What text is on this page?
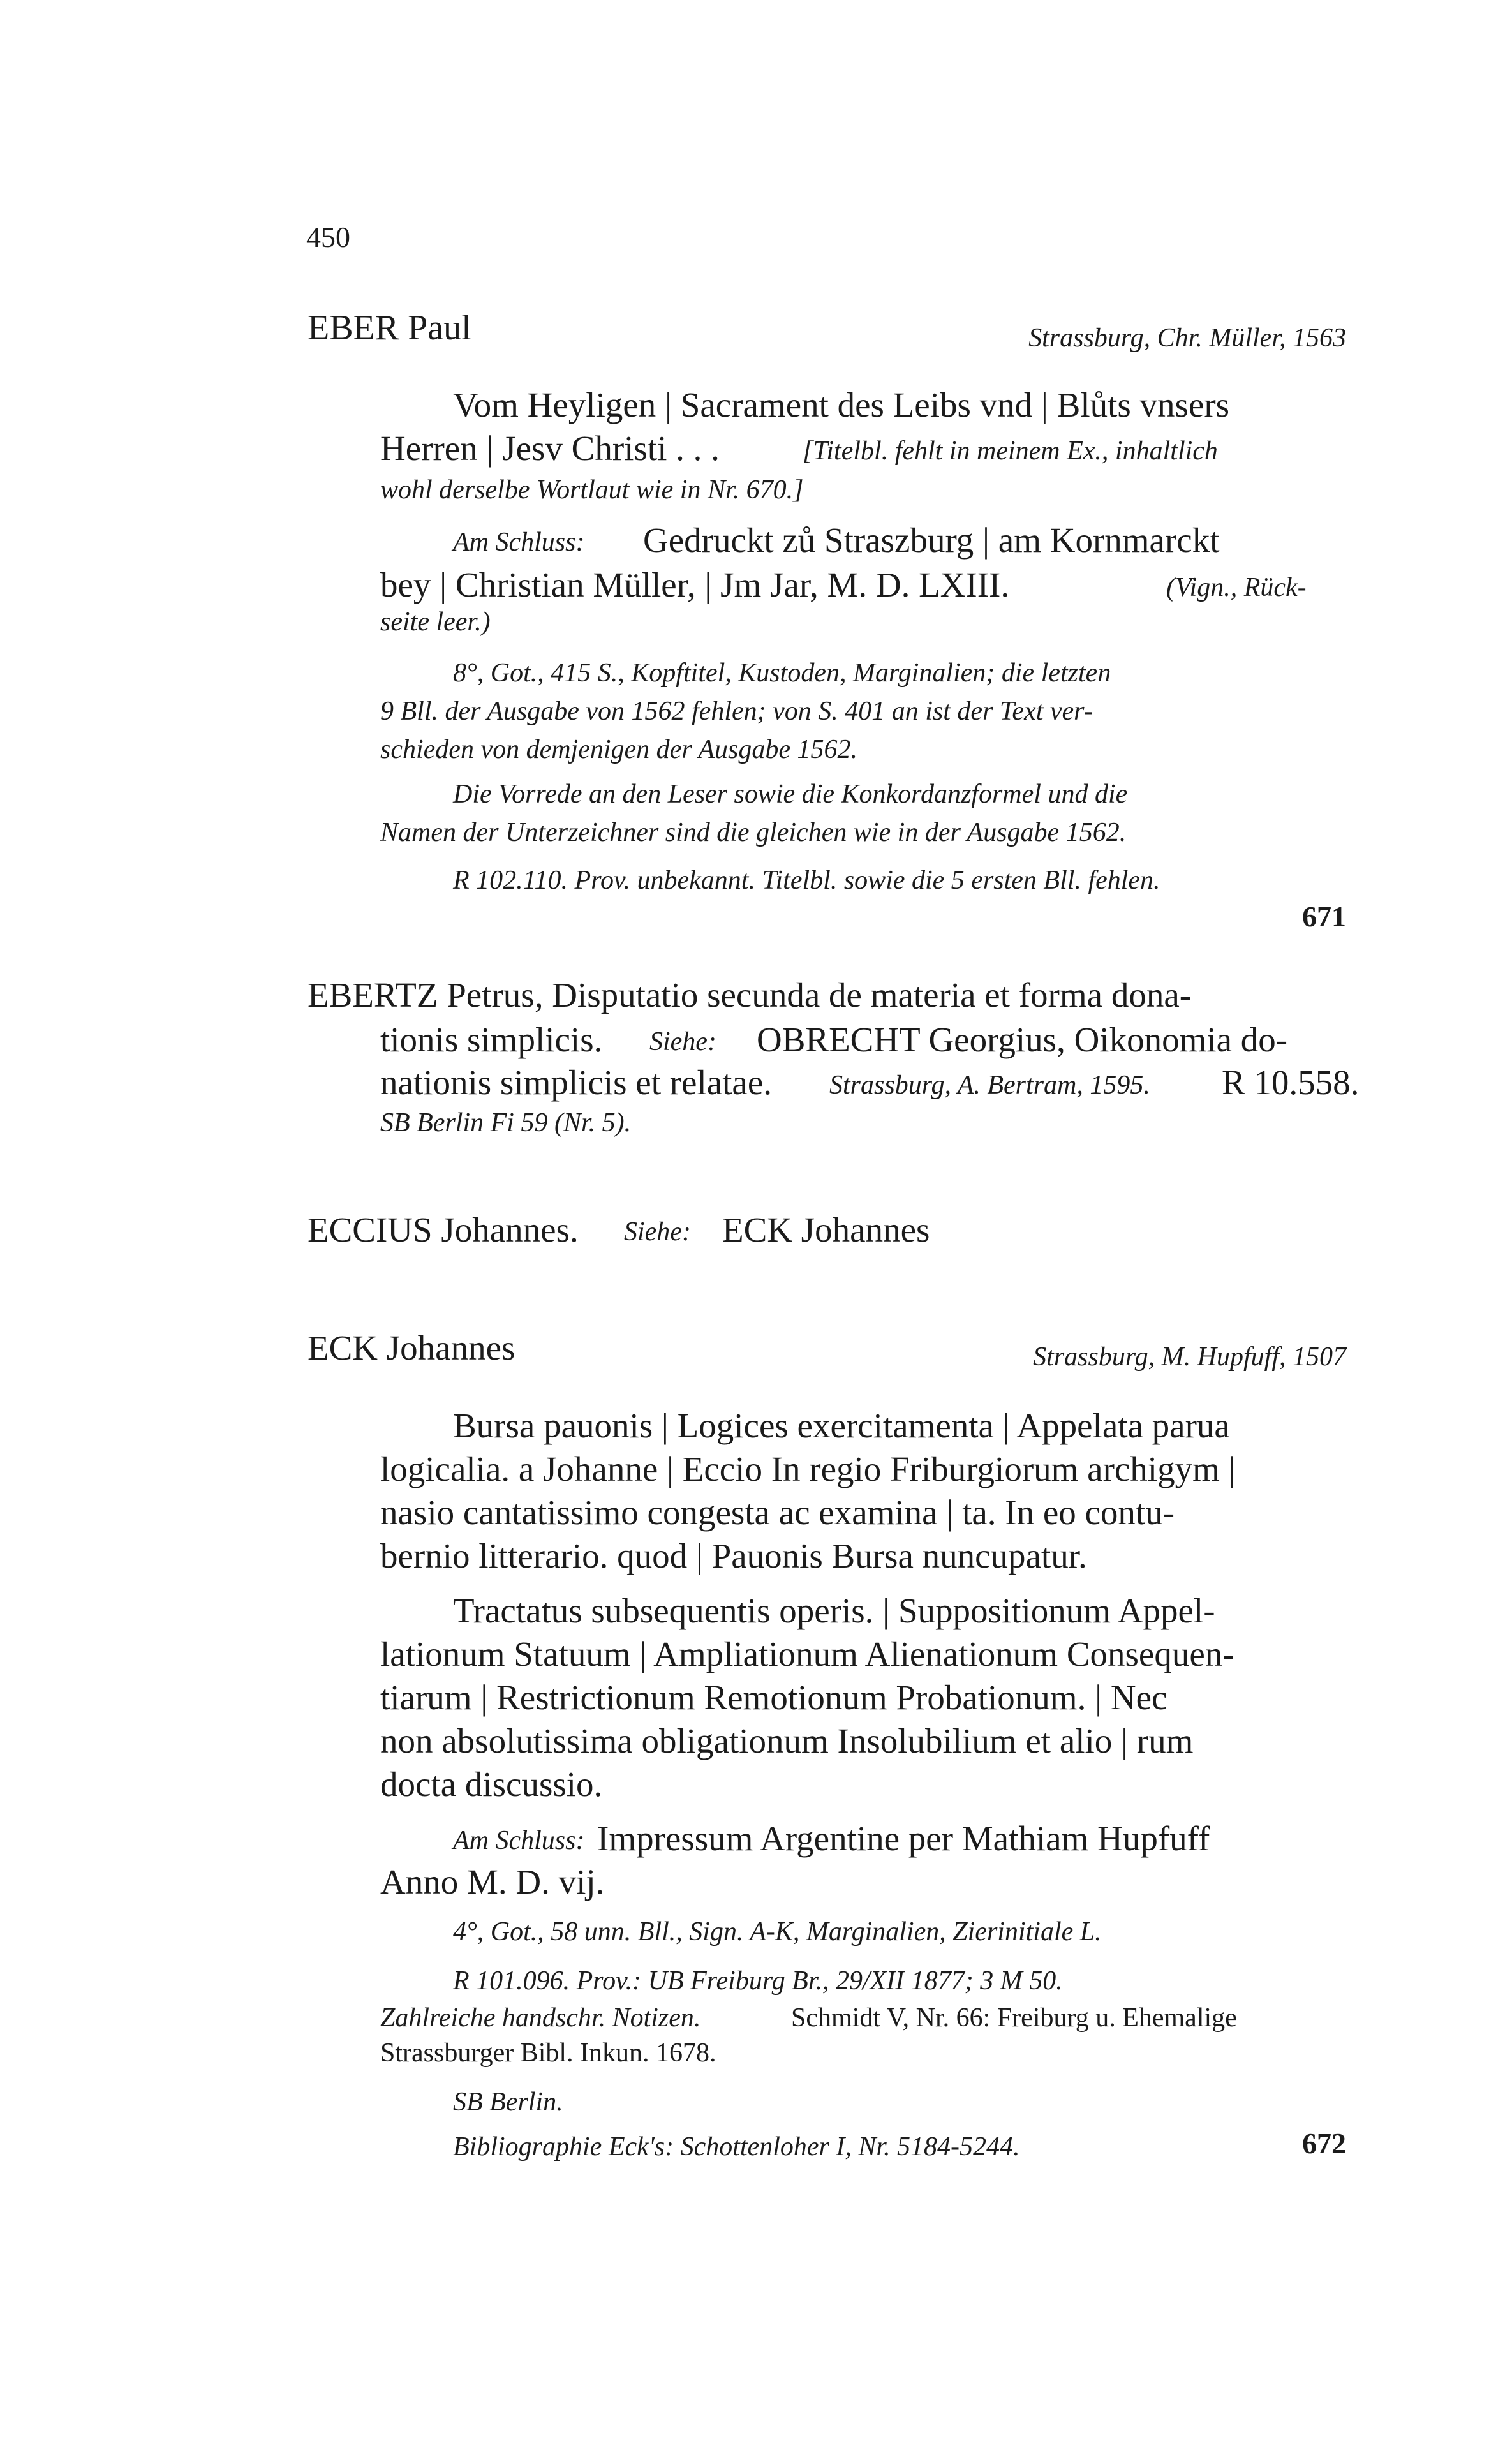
450
EBER Paul	Strassburg, Chr. Müller, 1563
Vom Heyligen | Sacrament des Leibs vnd | Blůts vnsers
Herren | Jesv Christi . . .	[Titelbl. fehlt in meinem Ex., inhaltlich
wohl derselbe Wortlaut wie in Nr. 670.]
Am Schluss: Gedruckt zů Straszburg | am Kornmarckt
bey | Christian Müller, | Jm Jar, M. D. LXIII.	(Vign., Rück-
seite leer.)
8°, Got., 415 S., Kopftitel, Kustoden, Marginalien; die letzten
9 Bll. der Ausgabe von 1562 fehlen; von S. 401 an ist der Text ver-
schieden von demjenigen der Ausgabe 1562.
Die Vorrede an den Leser sowie die Konkordanzformel und die
Namen der Unterzeichner sind die gleichen wie in der Ausgabe 1562.
R 102.110. Prov. unbekannt. Titelbl. sowie die 5 ersten Bll. fehlen.
671
EBERTZ Petrus, Disputatio secunda de materia et forma dona-
tionis simplicis. Siehe: OBRECHT Georgius, Oikonomia do-
nationis simplicis et relatae. Strassburg, A. Bertram, 1595. R 10.558.
SB Berlin Fi 59 (Nr. 5).
ECCIUS Johannes. Siehe: ECK Johannes
ECK Johannes	Strassburg, M. Hupfuff, 1507
Bursa pauonis | Logices exercitamenta | Appelata parua
logicalia. a Johanne | Eccio In regio Friburgiorum archigym |
nasio cantatissimo congesta ac examina | ta. In eo contu-
bernio litterario. quod | Pauonis Bursa nuncupatur.
Tractatus subsequentis operis. | Suppositionum Appel-
lationum Statuum | Ampliationum Alienationum Consequen-
tiarum | Restrictionum Remotionum Probationum. | Nec
non absolutissima obligationum Insolubilium et alio | rum
docta discussio.
Am Schluss: Impressum Argentine per Mathiam Hupfuff
Anno M. D. vij.
4°, Got., 58 unn. Bll., Sign. A-K, Marginalien, Zierinitiale L.
R 101.096. Prov.: UB Freiburg Br., 29/XII 1877; 3 M 50.
Zahlreiche handschr. Notizen.	Schmidt V, Nr. 66: Freiburg u. Ehemalige
Strassburger Bibl. Inkun. 1678.
SB Berlin.
Bibliographie Eck's: Schottenloher I, Nr. 5184-5244.	672
